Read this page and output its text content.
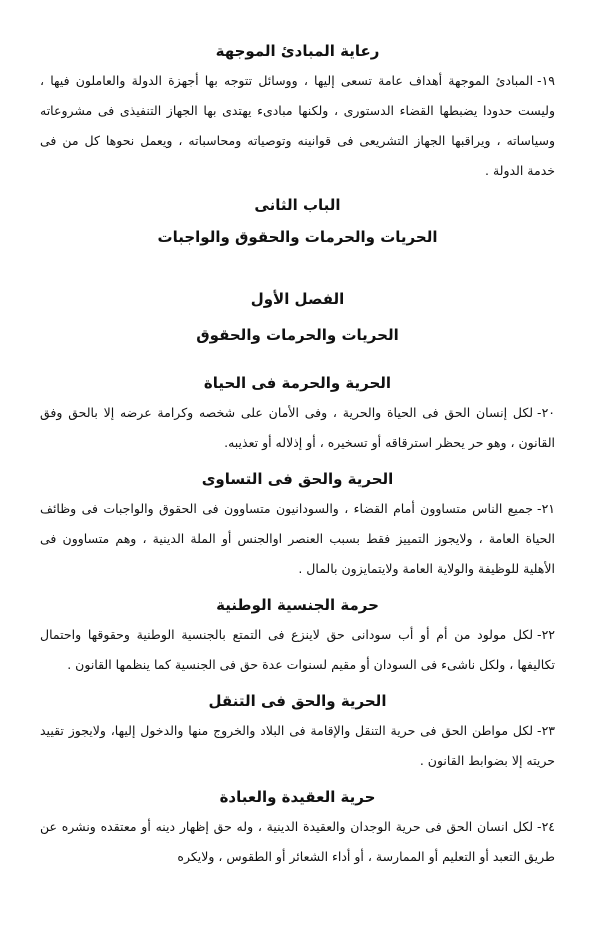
رعاية المبادئ الموجهة

١٩-المبادئ الموجهة أهداف عامة تسعى إليها ، ووسائل تتوجه بها أجهزة الدولة والعاملون فيها ، وليست حدودا يضبطها القضاء الدستورى ، ولكنها مبادىء يهتدى بها الجهاز التنفيذى فى مشروعاته وسياساته ، ويراقبها الجهاز التشريعى فى قوانينه وتوصياته ومحاسباته ، ويعمل نحوها كل من فى خدمة الدولة .

الباب الثانى
الحريات والحرمات والحقوق والواجبات
الفصل الأول
الحريات والحرمات والحقوق
الحرية والحرمة فى الحياة

٢٠-لكل إنسان الحق فى الحياة والحرية ، وفى الأمان على شخصه وكرامة عرضه إلا بالحق وفق القانون ، وهو حر يحظر استرقاقه أو تسخيره ، أو إذلاله أو تعذيبه.

الحرية والحق فى التساوى

٢١-جميع الناس متساوون أمام القضاء ، والسودانيون متساوون فى الحقوق والواجبات فى وظائف الحياة العامة ، ولايجوز التمييز فقط بسبب العنصر اوالجنس أو الملة الدينية ، وهم متساوون فى الأهلية للوظيفة والولاية العامة ولايتمايزون بالمال .

حرمة الجنسية الوطنية

٢٢-لكل مولود من أم أو أب سودانى حق لاينزع فى التمتع بالجنسية الوطنية وحقوقها واحتمال تكاليفها ، ولكل ناشىء فى السودان أو مقيم لسنوات عدة حق فى الجنسية كما ينظمها القانون .

الحرية والحق فى التنقل

٢٣-لكل مواطن الحق فى حرية التنقل والإقامة فى البلاد والخروج منها والدخول إليها، ولايجوز تقييد حريته إلا بضوابط القانون .

حرية العقيدة والعبادة

٢٤-لكل انسان الحق فى حرية الوجدان والعقيدة الدينية ، وله حق إظهار دينه أو معتقده ونشره عن طريق التعبد أو التعليم أو الممارسة ، أو أداء الشعائر أو الطقوس ، ولايكره
